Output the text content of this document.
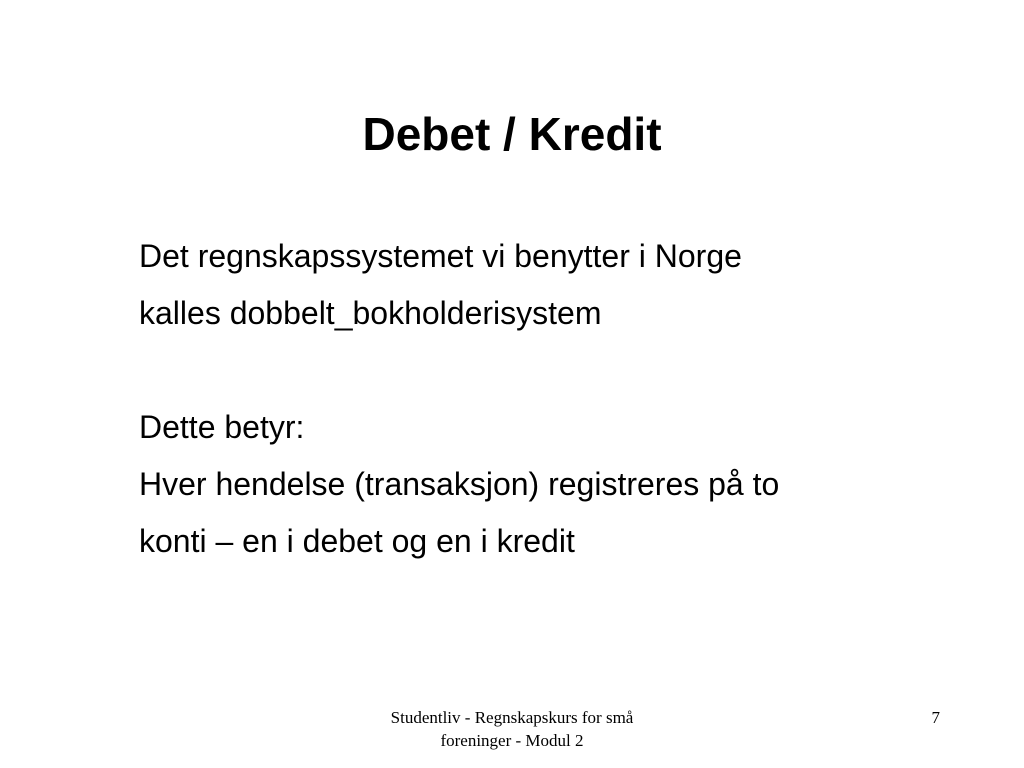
Debet / Kredit
Det regnskapssystemet vi benytter i Norge
kalles dobbelt_bokholderisystem
Dette betyr:
Hver hendelse (transaksjon) registreres på to
konti – en i debet og en i kredit
Studentliv - Regnskapskurs for små
foreninger - Modul 2
7
